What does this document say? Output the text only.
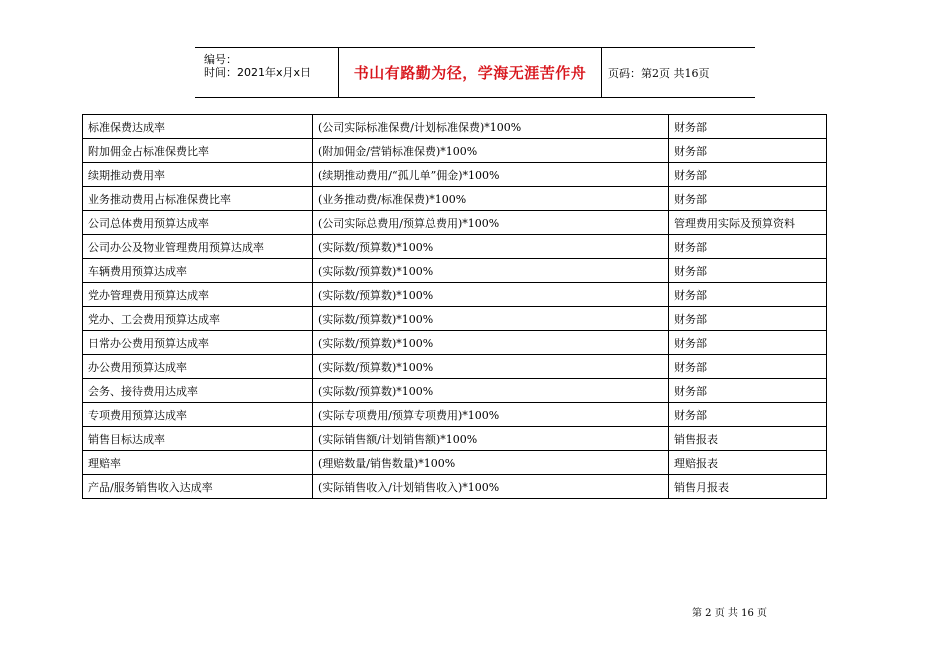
编号：
时间：2021年x月x日	书山有路勤为径，学海无涯苦作舟 页码：第2页 共16页
标准保费达成率	(公司实际标准保费/计划标准保费)*100%	财务部
附加佣金占标准保费比率	(附加佣金/营销标准保费)*100%	财务部
续期推动费用率	(续期推动费用/“孤儿单”佣金)*100%	财务部
业务推动费用占标准保费比率	(业务推动费/标准保费)*100%	财务部
公司总体费用预算达成率	(公司实际总费用/预算总费用)*100%	管理费用实际及预算资料
公司办公及物业管理费用预算达成率	(实际数/预算数)*100%	财务部
车辆费用预算达成率	(实际数/预算数)*100%	财务部
党办管理费用预算达成率	(实际数/预算数)*100%	财务部
党办、工会费用预算达成率	(实际数/预算数)*100%	财务部
日常办公费用预算达成率	(实际数/预算数)*100%	财务部
办公费用预算达成率	(实际数/预算数)*100%	财务部
会务、接待费用达成率	(实际数/预算数)*100%	财务部
专项费用预算达成率	(实际专项费用/预算专项费用)*100%	财务部
销售目标达成率	(实际销售额/计划销售额)*100%	销售报表
理赔率	(理赔数量/销售数量)*100%	理赔报表
产品/服务销售收入达成率	(实际销售收入/计划销售收入)*100%	销售月报表
第 2 页 共 16 页
